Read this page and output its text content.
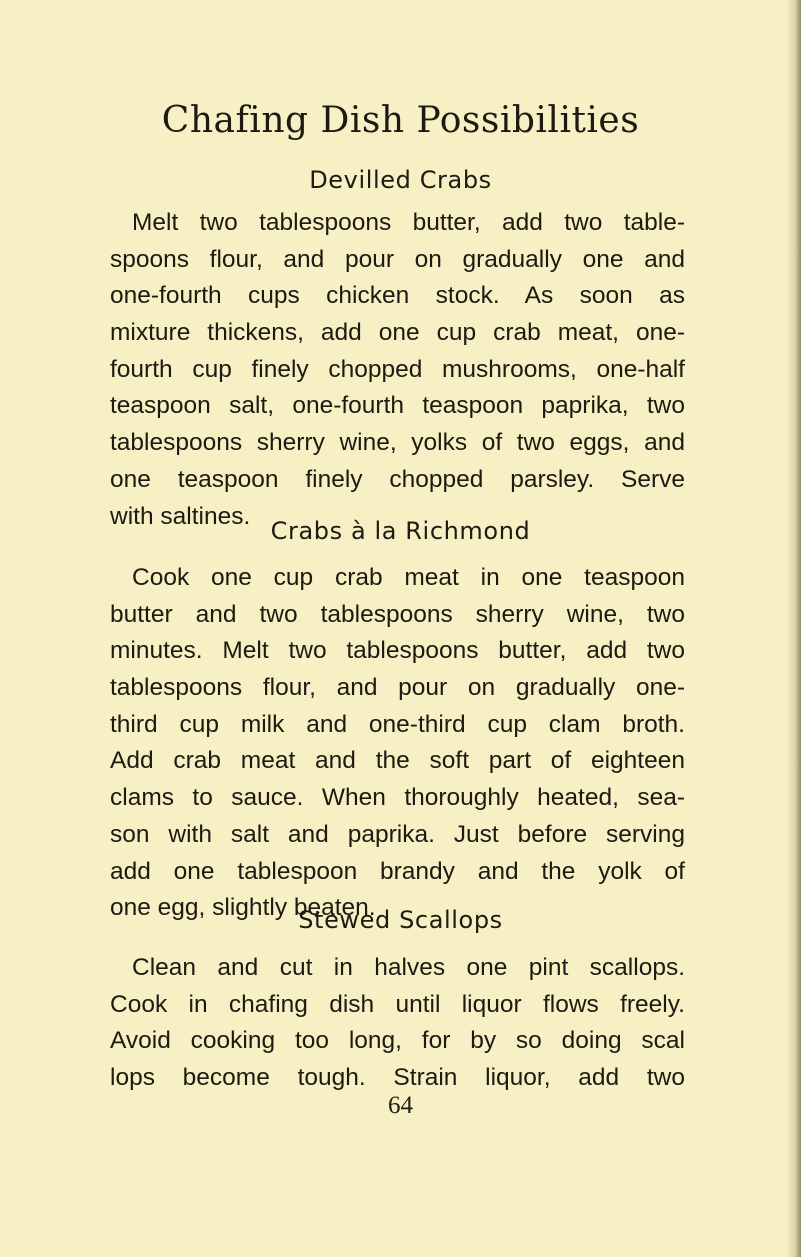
Chafing Dish Possibilities
Devilled Crabs
Melt two tablespoons butter, add two table-
spoons flour, and pour on gradually one and
one-fourth cups chicken stock. As soon as
mixture thickens, add one cup crab meat, one-
fourth cup finely chopped mushrooms, one-half
teaspoon salt, one-fourth teaspoon paprika, two
tablespoons sherry wine, yolks of two eggs, and
one teaspoon finely chopped parsley. Serve
with saltines.
Crabs à la Richmond
Cook one cup crab meat in one teaspoon
butter and two tablespoons sherry wine, two
minutes. Melt two tablespoons butter, add two
tablespoons flour, and pour on gradually one-
third cup milk and one-third cup clam broth.
Add crab meat and the soft part of eighteen
clams to sauce. When thoroughly heated, sea-
son with salt and paprika. Just before serving
add one tablespoon brandy and the yolk of
one egg, slightly beaten.
Stewed Scallops
Clean and cut in halves one pint scallops.
Cook in chafing dish until liquor flows freely.
Avoid cooking too long, for by so doing scal
lops become tough. Strain liquor, add two
64
